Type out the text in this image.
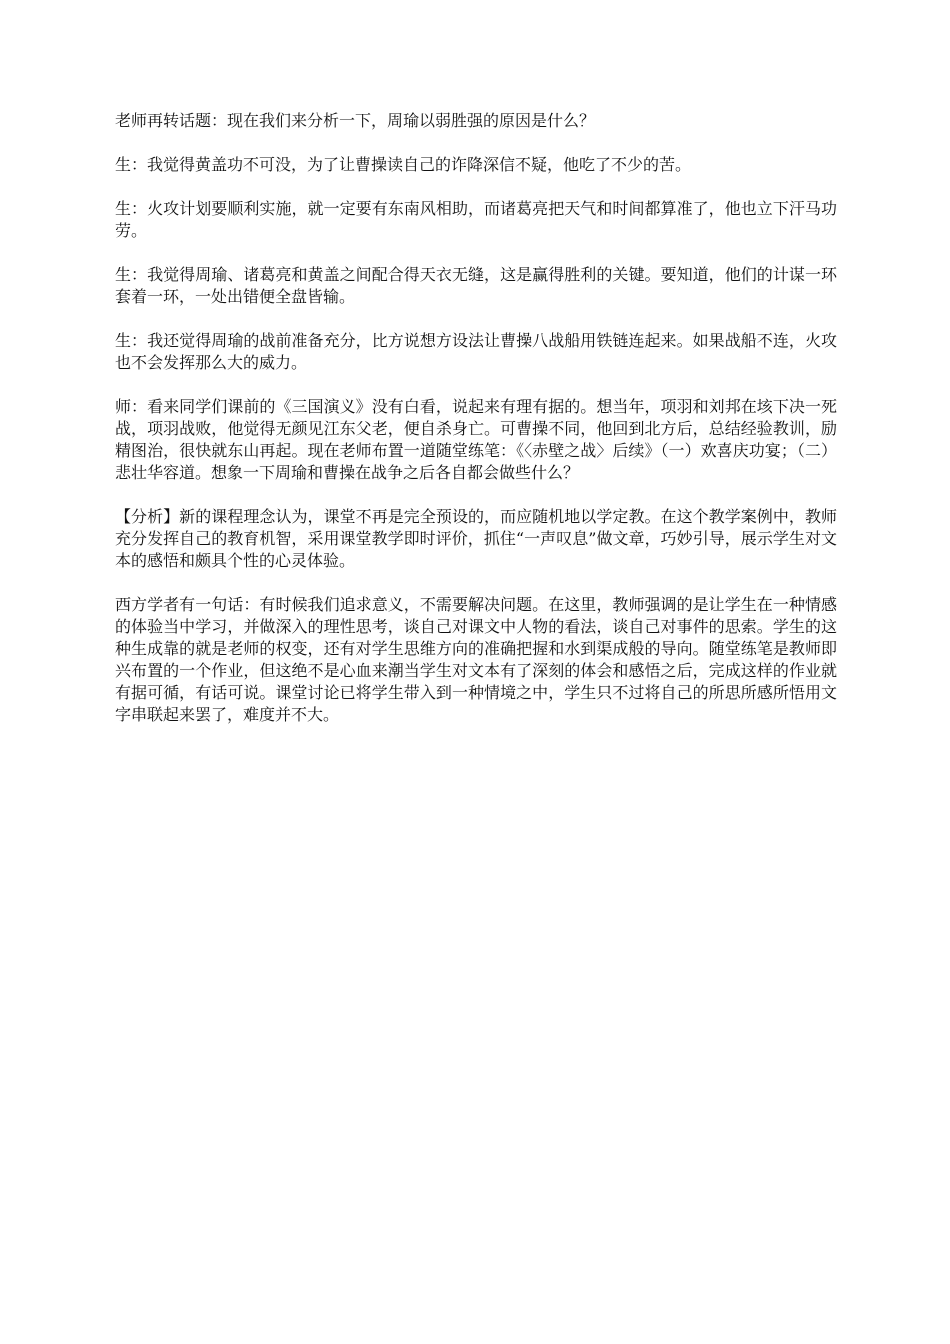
老师再转话题：现在我们来分析一下，周瑜以弱胜强的原因是什么？

生：我觉得黄盖功不可没，为了让曹操读自己的诈降深信不疑，他吃了不少的苦。

生：火攻计划要顺利实施，就一定要有东南风相助，而诸葛亮把天气和时间都算准了，他也立下汗马功劳。

生：我觉得周瑜、诸葛亮和黄盖之间配合得天衣无缝，这是赢得胜利的关键。要知道，他们的计谋一环套着一环，一处出错便全盘皆输。

生：我还觉得周瑜的战前准备充分，比方说想方设法让曹操八战船用铁链连起来。如果战船不连，火攻也不会发挥那么大的威力。

师：看来同学们课前的《三国演义》没有白看，说起来有理有据的。想当年，项羽和刘邦在垓下决一死战，项羽战败，他觉得无颜见江东父老，便自杀身亡。可曹操不同，他回到北方后，总结经验教训，励精图治，很快就东山再起。现在老师布置一道随堂练笔：《〈赤壁之战〉后续》（一）欢喜庆功宴；（二）悲壮华容道。想象一下周瑜和曹操在战争之后各自都会做些什么？

【分析】新的课程理念认为，课堂不再是完全预设的，而应随机地以学定教。在这个教学案例中，教师充分发挥自己的教育机智，采用课堂教学即时评价，抓住“一声叹息”做文章，巧妙引导，展示学生对文本的感悟和颇具个性的心灵体验。

西方学者有一句话：有时候我们追求意义，不需要解决问题。在这里，教师强调的是让学生在一种情感的体验当中学习，并做深入的理性思考，谈自己对课文中人物的看法，谈自己对事件的思索。学生的这种生成靠的就是老师的权变，还有对学生思维方向的准确把握和水到渠成般的导向。随堂练笔是教师即兴布置的一个作业，但这绝不是心血来潮当学生对文本有了深刻的体会和感悟之后，完成这样的作业就有据可循，有话可说。课堂讨论已将学生带入到一种情境之中，学生只不过将自己的所思所感所悟用文字串联起来罢了，难度并不大。
